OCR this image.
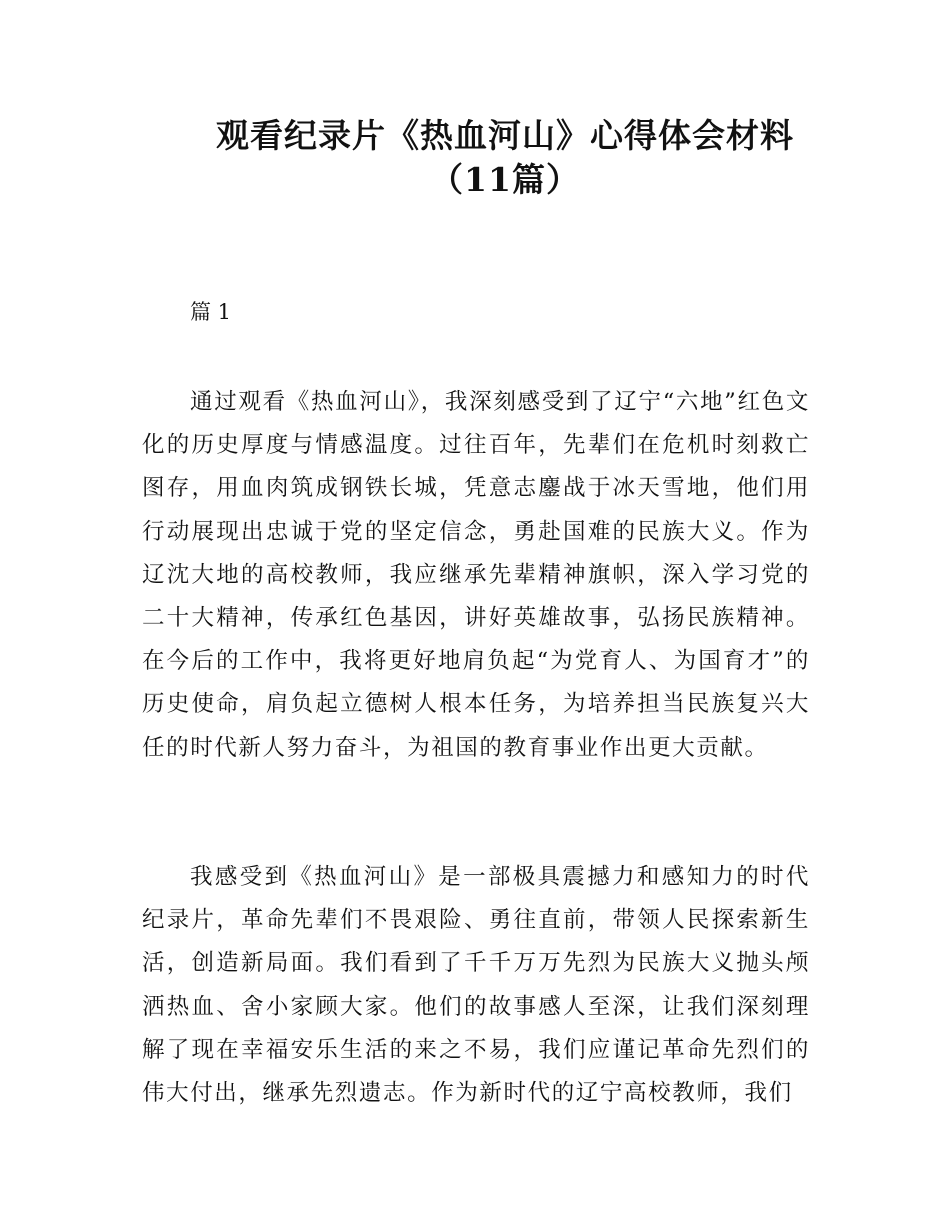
观看纪录片《热血河山》心得体会材料
（11篇）

篇 1

通过观看《热血河山》，我深刻感受到了辽宁“六地”红色文化的历史厚度与情感温度。过往百年，先辈们在危机时刻救亡图存，用血肉筑成钢铁长城，凭意志鏖战于冰天雪地，他们用行动展现出忠诚于党的坚定信念，勇赴国难的民族大义。作为辽沈大地的高校教师，我应继承先辈精神旗帜，深入学习党的二十大精神，传承红色基因，讲好英雄故事，弘扬民族精神。在今后的工作中，我将更好地肩负起“为党育人、为国育才”的历史使命，肩负起立德树人根本任务，为培养担当民族复兴大任的时代新人努力奋斗，为祖国的教育事业作出更大贡献。

我感受到《热血河山》是一部极具震撼力和感知力的时代纪录片，革命先辈们不畏艰险、勇往直前，带领人民探索新生活，创造新局面。我们看到了千千万万先烈为民族大义抛头颅洒热血、舍小家顾大家。他们的故事感人至深，让我们深刻理解了现在幸福安乐生活的来之不易，我们应谨记革命先烈们的伟大付出，继承先烈遗志。作为新时代的辽宁高校教师，我们
